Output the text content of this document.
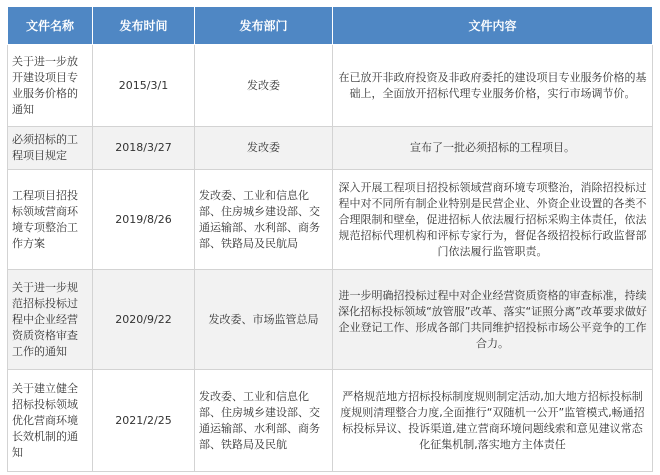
文件名称	发布时间	发布部门	文件内容
关于进一步放开建设项目专业服务价格的通知	2015/3/1	发改委	在已放开非政府投资及非政府委托的建设项目专业服务价格的基础上，全面放开招标代理专业服务价格，实行市场调节价。
必须招标的工程项目规定	2018/3/27	发改委	宣布了一批必须招标的工程项目。
工程项目招投标领域营商环境专项整治工作方案	2019/8/26	发改委、工业和信息化部、住房城乡建设部、交通运输部、水利部、商务部、铁路局及民航局	深入开展工程项目招投标领域营商环境专项整治，消除招投标过程中对不同所有制企业特别是民营企业、外资企业设置的各类不合理限制和壁垒，促进招标人依法履行招标采购主体责任，依法规范招标代理机构和评标专家行为，督促各级招投标行政监督部门依法履行监管职责。
关于进一步规范招标投标过程中企业经营资质资格审查工作的通知	2020/9/22	发改委、市场监管总局	进一步明确招投标过程中对企业经营资质资格的审查标准，持续深化招标投标领域“放管服”改革、落实“证照分离”改革要求做好企业登记工作、形成各部门共同维护招投标市场公平竞争的工作合力。
关于建立健全招标投标领域优化营商环境长效机制的通知	2021/2/25	发改委、工业和信息化部、住房城乡建设部、交通运输部、水利部、商务部、铁路局及民航	严格规范地方招标投标制度规则制定活动,加大地方招标投标制度规则清理整合力度,全面推行“双随机一公开”监管模式,畅通招标投标异议、投诉渠道,建立营商环境问题线索和意见建议常态化征集机制,落实地方主体责任
